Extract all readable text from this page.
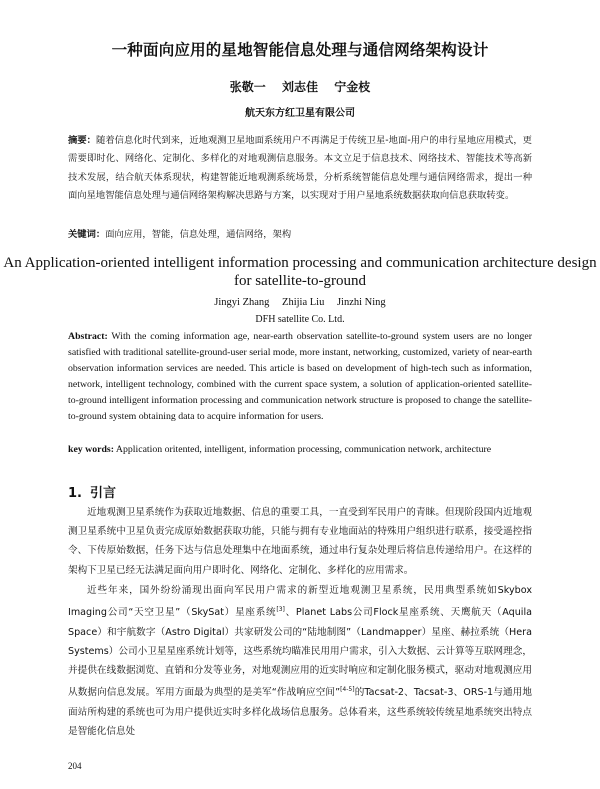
一种面向应用的星地智能信息处理与通信网络架构设计
张敬一 刘志佳 宁金枝
航天东方红卫星有限公司
摘要：随着信息化时代到来，近地观测卫星地面系统用户不再满足于传统卫星-地面-用户的串行星地应用模式，更需要即时化、网络化、定制化、多样化的对地观测信息服务。本文立足于信息技术、网络技术、智能技术等高新技术发展，结合航天体系现状，构建智能近地观测系统场景，分析系统智能信息处理与通信网络需求，提出一种面向星地智能信息处理与通信网络架构解决思路与方案，以实现对于用户星地系统数据获取向信息获取转变。
关键词：面向应用，智能，信息处理，通信网络，架构
An Application-oriented intelligent information processing and communication architecture design for satellite-to-ground
Jingyi Zhang Zhijia Liu Jinzhi Ning
DFH satellite Co. Ltd.
Abstract: With the coming information age, near-earth observation satellite-to-ground system users are no longer satisfied with traditional satellite-ground-user serial mode, more instant, networking, customized, variety of near-earth observation information services are needed. This article is based on development of high-tech such as information, network, intelligent technology, combined with the current space system, a solution of application-oriented satellite-to-ground intelligent information processing and communication network structure is proposed to change the satellite-to-ground system obtaining data to acquire information for users.
key words: Application oritented, intelligent, information processing, communication network, architecture
1. 引言
近地观测卫星系统作为获取近地数据、信息的重要工具，一直受到军民用户的青睐。但现阶段国内近地观测卫星系统中卫星负责完成原始数据获取功能，只能与拥有专业地面站的特殊用户组织进行联系，接受遥控指令、下传原始数据，任务下达与信息处理集中在地面系统，通过串行复杂处理后将信息传递给用户。在这样的架构下卫星已经无法满足面向用户即时化、网络化、定制化、多样化的应用需求。
近些年来，国外纷纷涌现出面向军民用户需求的新型近地观测卫星系统，民用典型系统如Skybox Imaging公司“天空卫星”（SkySat）星座系统[3]、Planet Labs公司Flock星座系统、天鹰航天（Aquila Space）和宇航数字（Astro Digital）共家研发公司的“陆地制图”（Landmapper）星座、赫拉系统（Hera Systems）公司小卫星星座系统计划等，这些系统均瞄准民用用户需求，引入大数据、云计算等互联网理念，并提供在线数据浏览、直销和分发等业务，对地观测应用的近实时响应和定制化服务模式，驱动对地观测应用从数据向信息发展。军用方面最为典型的是美军“作战响应空间”[4-5]的Tacsat-2、Tacsat-3、ORS-1与通用地面站所构建的系统也可为用户提供近实时多样化战场信息服务。总体看来，这些系统较传统星地系统突出特点是智能化信息处
204
